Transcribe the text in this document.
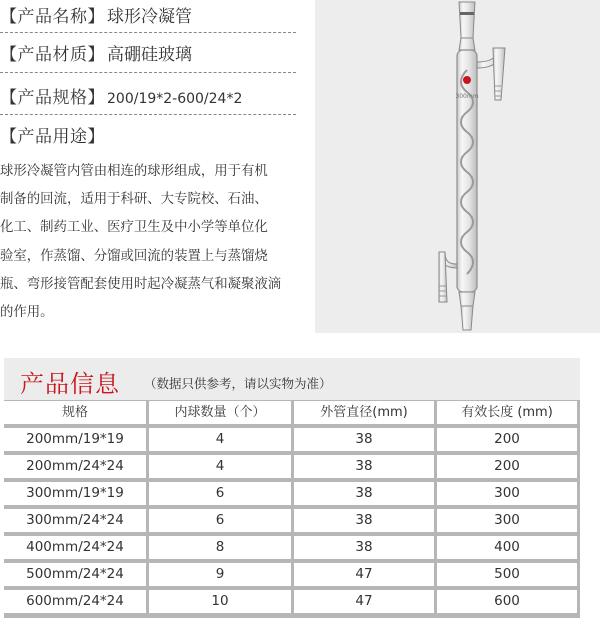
【产品名称】 球形冷凝管
【产品材质】 高硼硅玻璃
【产品规格】 200/19*2-600/24*2
【产品用途】
球形冷凝管内管由相连的球形组成，用于有机
制备的回流，适用于科研、大专院校、石油、
化工、制药工业、医疗卫生及中小学等单位化
验室，作蒸馏、分馏或回流的装置上与蒸馏烧
瓶、弯形接管配套使用时起冷凝蒸气和凝聚液滴
的作用。
300mm
产品信息 （数据只供参考，请以实物为准）
规格	内球数量（个）	外管直径(mm)	有效长度 (mm)
200mm/19*19	4	38	200
200mm/24*24	4	38	200
300mm/19*19	6	38	300
300mm/24*24	6	38	300
400mm/24*24	8	38	400
500mm/24*24	9	47	500
600mm/24*24	10	47	600
